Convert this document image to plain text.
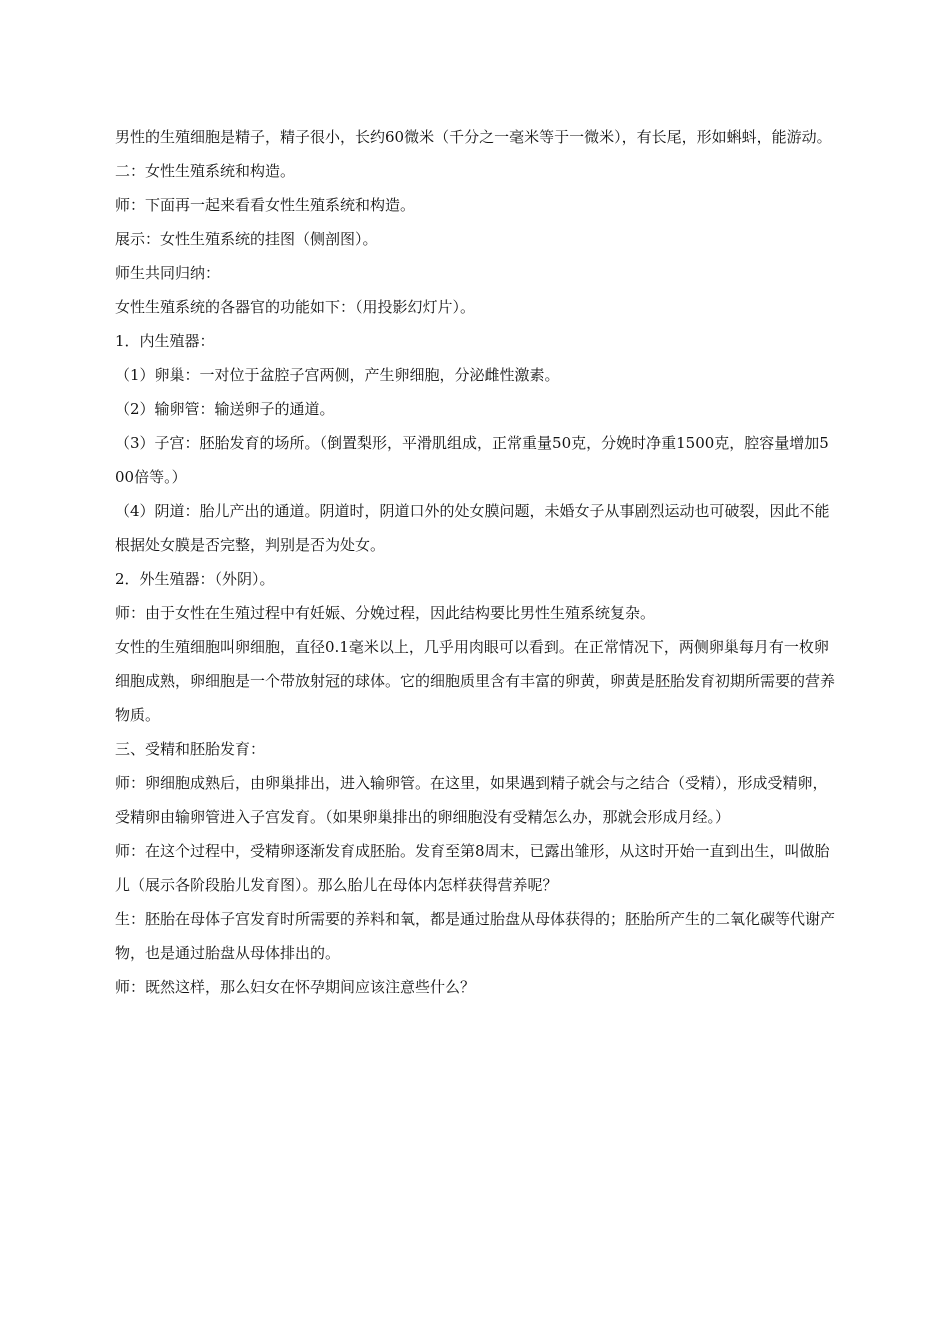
男性的生殖细胞是精子，精子很小，长约60微米（千分之一毫米等于一微米），有长尾，形如蝌蚪，能游动。

二：女性生殖系统和构造。

师：下面再一起来看看女性生殖系统和构造。

展示：女性生殖系统的挂图（侧剖图）。

师生共同归纳：

女性生殖系统的各器官的功能如下：（用投影幻灯片）。

1．内生殖器：

（1）卵巢：一对位于盆腔子宫两侧，产生卵细胞，分泌雌性激素。

（2）输卵管：输送卵子的通道。

（3）子宫：胚胎发育的场所。（倒置梨形，平滑肌组成，正常重量50克，分娩时净重1500克，腔容量增加500倍等。）

（4）阴道：胎儿产出的通道。阴道时，阴道口外的处女膜问题，未婚女子从事剧烈运动也可破裂，因此不能根据处女膜是否完整，判别是否为处女。

2．外生殖器：（外阴）。

师：由于女性在生殖过程中有妊娠、分娩过程，因此结构要比男性生殖系统复杂。

女性的生殖细胞叫卵细胞，直径0.1毫米以上，几乎用肉眼可以看到。在正常情况下，两侧卵巢每月有一枚卵细胞成熟，卵细胞是一个带放射冠的球体。它的细胞质里含有丰富的卵黄，卵黄是胚胎发育初期所需要的营养物质。

三、受精和胚胎发育：

师：卵细胞成熟后，由卵巢排出，进入输卵管。在这里，如果遇到精子就会与之结合（受精），形成受精卵，受精卵由输卵管进入子宫发育。（如果卵巢排出的卵细胞没有受精怎么办，那就会形成月经。）

师：在这个过程中，受精卵逐渐发育成胚胎。发育至第8周末，已露出雏形，从这时开始一直到出生，叫做胎儿（展示各阶段胎儿发育图）。那么胎儿在母体内怎样获得营养呢？

生：胚胎在母体子宫发育时所需要的养料和氧，都是通过胎盘从母体获得的；胚胎所产生的二氧化碳等代谢产物，也是通过胎盘从母体排出的。

师：既然这样，那么妇女在怀孕期间应该注意些什么？
